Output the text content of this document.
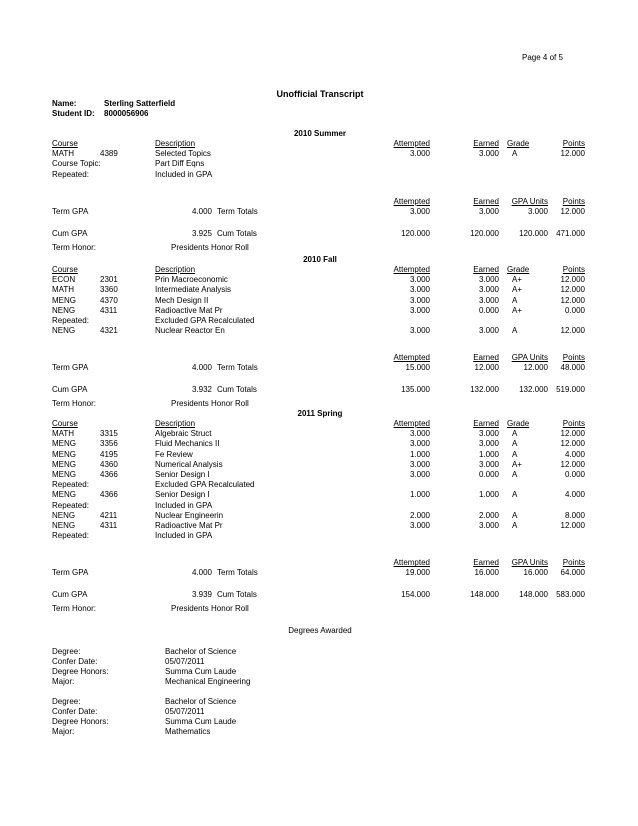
Page 4 of 5
Unofficial Transcript
Name:	Sterling Satterfield
Student ID: 8000056906
2010 Summer
Course	Description	Attempted	Earned Grade	Points
MATH	4389	Selected Topics	3.000	3.000 A	12.000
Course Topic:	Part Diff Eqns
Repeated:	Included in GPA
Attempted	Earned	GPA Units	Points
Term GPA	4.000 Term Totals	3.000	3.000	3.000	12.000
Cum GPA	3.925 Cum Totals	120.000	120.000	120.000	471.000
Term Honor:	Presidents Honor Roll
2010 Fall
Course	Description	Attempted	Earned Grade	Points
ECON	2301	Prin Macroeconomic	3.000	3.000 A+	12.000
MATH	3360	Intermediate Analysis	3.000	3.000 A+	12.000
MENG	4370	Mech Design II	3.000	3.000 A	12.000
NENG	4311	Radioactive Mat Pr	3.000	0.000 A+	0.000
Repeated:	Excluded GPA Recalculated
NENG	4321	Nuclear Reactor En	3.000	3.000 A	12.000
Attempted	Earned	GPA Units	Points
Term GPA	4.000 Term Totals	15.000	12.000	12.000	48.000
Cum GPA	3.932 Cum Totals	135.000	132.000	132.000	519.000
Term Honor:	Presidents Honor Roll
2011 Spring
Course	Description	Attempted	Earned Grade	Points
MATH	3315	Algebraic Struct	3.000	3.000 A	12.000
MENG	3356	Fluid Mechanics II	3.000	3.000 A	12.000
MENG	4195	Fe Review	1.000	1.000 A	4.000
MENG	4360	Numerical Analysis	3.000	3.000 A+	12.000
MENG	4366	Senior Design I	3.000	0.000 A	0.000
Repeated:	Excluded GPA Recalculated
MENG	4366	Senior Design I	1.000	1.000 A	4.000
Repeated:	Included in GPA
NENG	4211	Nuclear Engineerin	2.000	2.000 A	8.000
NENG	4311	Radioactive Mat Pr	3.000	3.000 A	12.000
Repeated:	Included in GPA
Attempted	Earned	GPA Units	Points
Term GPA	4.000 Term Totals	19.000	16.000	16.000	64.000
Cum GPA	3.939 Cum Totals	154.000	148.000	148.000	583.000
Term Honor:	Presidents Honor Roll
Degrees Awarded
Degree:	Bachelor of Science
Confer Date:	05/07/2011
Degree Honors:	Summa Cum Laude
Major:	Mechanical Engineering
Degree:	Bachelor of Science
Confer Date:	05/07/2011
Degree Honors:	Summa Cum Laude
Major:	Mathematics
